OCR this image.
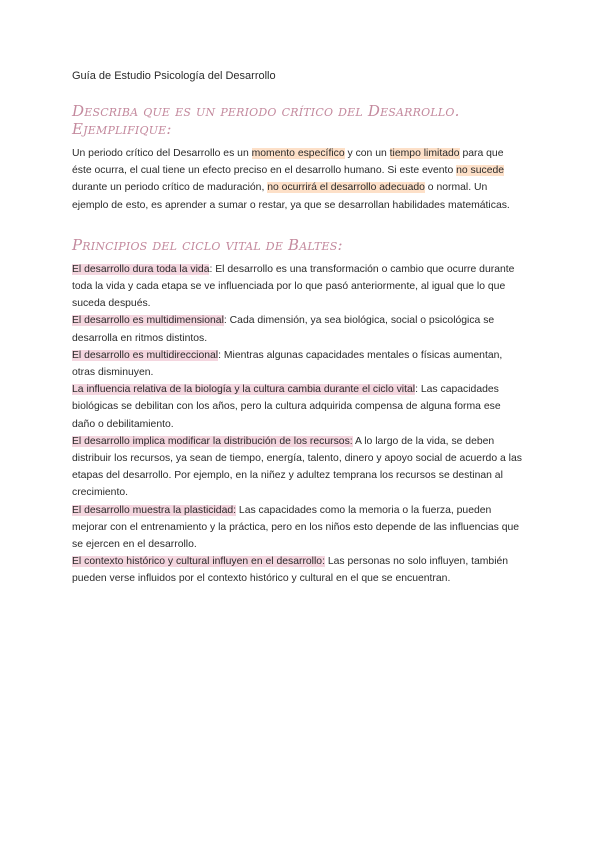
Guía de Estudio Psicología del Desarrollo
Describa que es un periodo crítico del Desarrollo. Ejemplifique:

Un periodo crítico del Desarrollo es un momento específico y con un tiempo limitado para que éste ocurra, el cual tiene un efecto preciso en el desarrollo humano. Si este evento no sucede durante un periodo crítico de maduración, no ocurrirá el desarrollo adecuado o normal. Un ejemplo de esto, es aprender a sumar o restar, ya que se desarrollan habilidades matemáticas.

Principios del ciclo vital de Baltes:

El desarrollo dura toda la vida: El desarrollo es una transformación o cambio que ocurre durante toda la vida y cada etapa se ve influenciada por lo que pasó anteriormente, al igual que lo que suceda después.

El desarrollo es multidimensional: Cada dimensión, ya sea biológica, social o psicológica se desarrolla en ritmos distintos.

El desarrollo es multidireccional: Mientras algunas capacidades mentales o físicas aumentan, otras disminuyen.

La influencia relativa de la biología y la cultura cambia durante el ciclo vital: Las capacidades biológicas se debilitan con los años, pero la cultura adquirida compensa de alguna forma ese daño o debilitamiento.

El desarrollo implica modificar la distribución de los recursos: A lo largo de la vida, se deben distribuir los recursos, ya sean de tiempo, energía, talento, dinero y apoyo social de acuerdo a las etapas del desarrollo. Por ejemplo, en la niñez y adultez temprana los recursos se destinan al crecimiento.

El desarrollo muestra la plasticidad: Las capacidades como la memoria o la fuerza, pueden mejorar con el entrenamiento y la práctica, pero en los niños esto depende de las influencias que se ejercen en el desarrollo.

El contexto histórico y cultural influyen en el desarrollo: Las personas no solo influyen, también pueden verse influidos por el contexto histórico y cultural en el que se encuentran.
